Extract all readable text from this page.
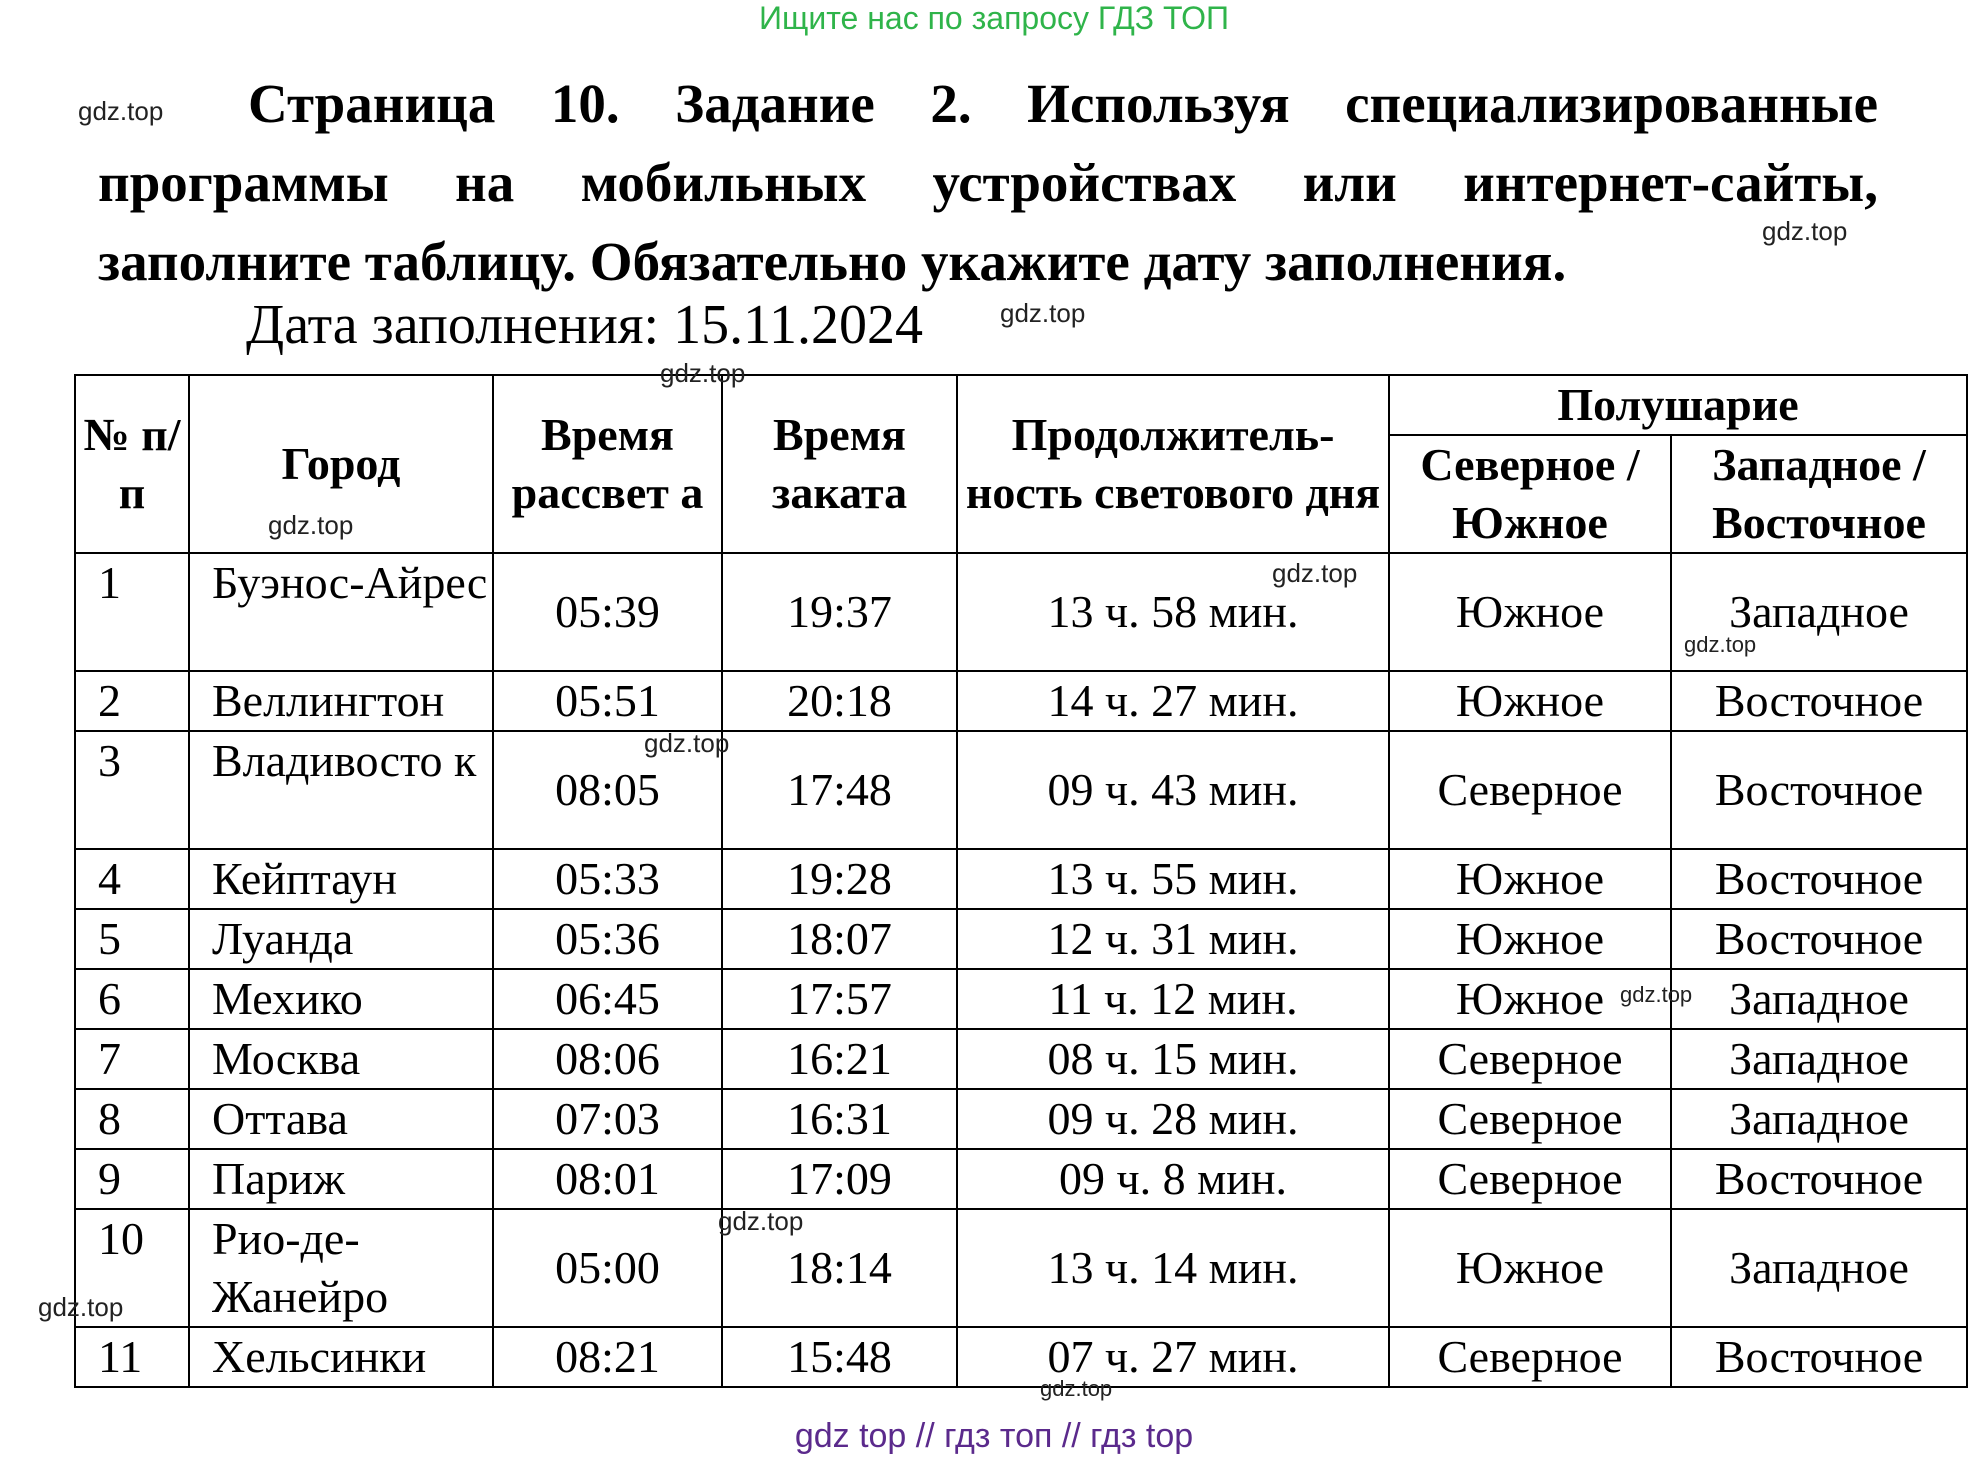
Ищите нас по запросу ГДЗ ТОП
Страница 10. Задание 2. Используя специализированные программы на мобильных устройствах или интернет-сайты, заполните таблицу. Обязательно укажите дату заполнения.
Дата заполнения: 15.11.2024
№ п/п	Город	Время рассвет а	Время заката	Продолжитель-ность светового дня	Полушарие	
					Северное / Южное	Западное / Восточное
1	Буэнос-Айрес	05:39	19:37	13 ч. 58 мин.	Южное	Западное
2	Веллингтон	05:51	20:18	14 ч. 27 мин.	Южное	Восточное
3	Владивосто к	08:05	17:48	09 ч. 43 мин.	Северное	Восточное
4	Кейптаун	05:33	19:28	13 ч. 55 мин.	Южное	Восточное
5	Луанда	05:36	18:07	12 ч. 31 мин.	Южное	Восточное
6	Мехико	06:45	17:57	11 ч. 12 мин.	Южное	Западное
7	Москва	08:06	16:21	08 ч. 15 мин.	Северное	Западное
8	Оттава	07:03	16:31	09 ч. 28 мин.	Северное	Западное
9	Париж	08:01	17:09	09 ч. 8 мин.	Северное	Восточное
10	Рио-де-Жанейро	05:00	18:14	13 ч. 14 мин.	Южное	Западное
11	Хельсинки	08:21	15:48	07 ч. 27 мин.	Северное	Восточное
gdz.top
gdz.top
gdz.top
gdz.top
gdz.top
gdz.top
gdz.top
gdz.top
gdz.top
gdz.top
gdz.top
gdz.top
gdz top // гдз топ // гдз top
